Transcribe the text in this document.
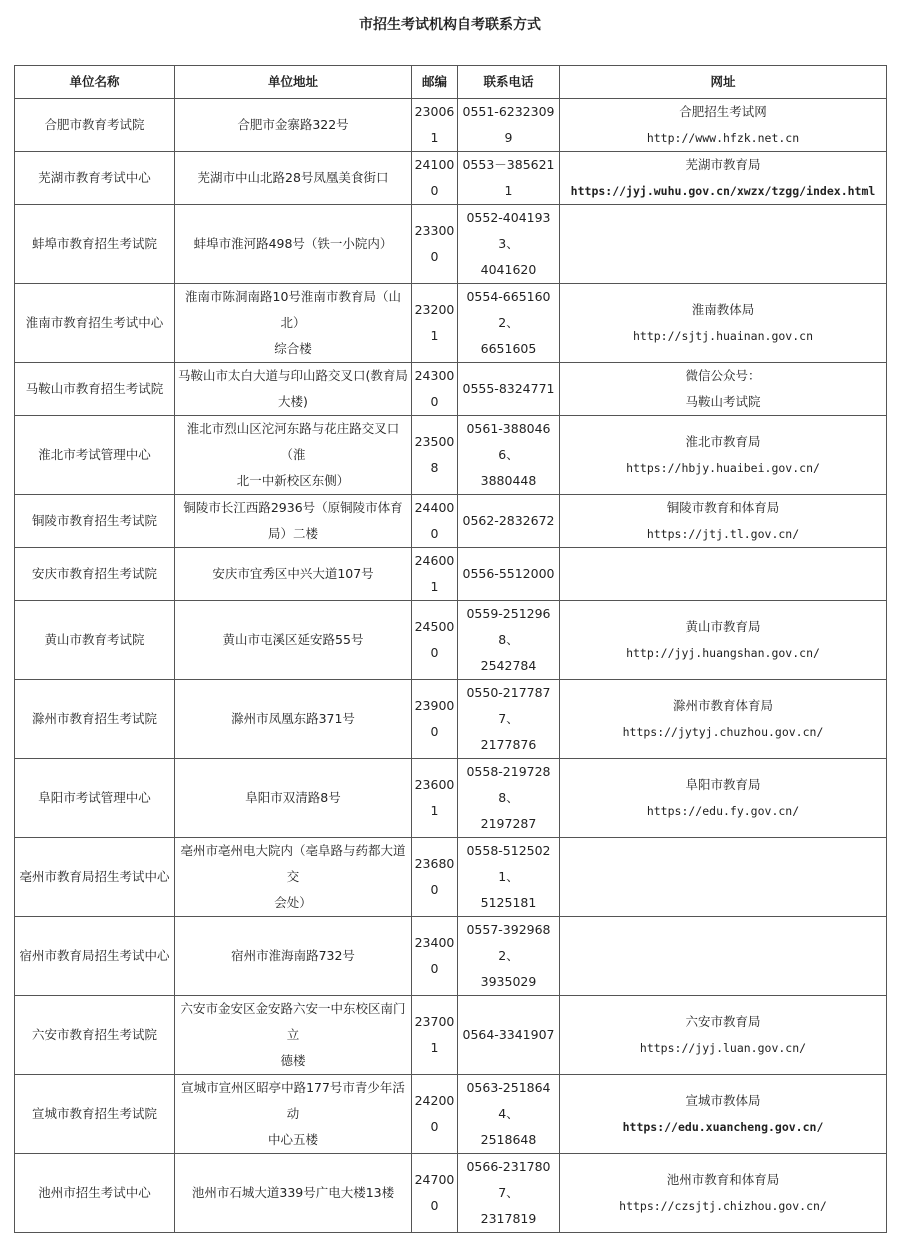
市招生考试机构自考联系方式
单位名称	单位地址	邮编	联系电话	网址

合肥市教育考试院	合肥市金寨路322号	230061	0551-62323099	合肥招生考试网
http://www.hfzk.net.cn

芜湖市教育考试中心	芜湖市中山北路28号凤凰美食街口	241000	0553－3856211	芜湖市教育局
https://jyj.wuhu.gov.cn/xwzx/tzgg/index.html

蚌埠市教育招生考试院	蚌埠市淮河路498号（铁一小院内）	233000	0552-4041933、
4041620	

淮南市教育招生考试中心	淮南市陈洞南路10号淮南市教育局（山北）
综合楼	232001	0554-6651602、
6651605	淮南教体局
http://sjtj.huainan.gov.cn

马鞍山市教育招生考试院	马鞍山市太白大道与印山路交叉口(教育局
大楼)	243000	0555-8324771	微信公众号：
马鞍山考试院

淮北市考试管理中心	淮北市烈山区沱河东路与花庄路交叉口（淮
北一中新校区东侧）	235008	0561-3880466、
3880448	淮北市教育局
https://hbjy.huaibei.gov.cn/

铜陵市教育招生考试院	铜陵市长江西路2936号（原铜陵市体育
局）二楼	244000	0562-2832672	铜陵市教育和体育局
https://jtj.tl.gov.cn/

安庆市教育招生考试院	安庆市宜秀区中兴大道107号	246001	0556-5512000	

黄山市教育考试院	黄山市屯溪区延安路55号	245000	0559-2512968、
2542784	黄山市教育局
http://jyj.huangshan.gov.cn/

滁州市教育招生考试院	滁州市凤凰东路371号	239000	0550-2177877、
2177876	滁州市教育体育局
https://jytyj.chuzhou.gov.cn/

阜阳市考试管理中心	阜阳市双清路8号	236001	0558-2197288、
2197287	阜阳市教育局
https://edu.fy.gov.cn/

亳州市教育局招生考试中心	亳州市亳州电大院内（亳阜路与药都大道交
会处）	236800	0558-5125021、
5125181	

宿州市教育局招生考试中心	宿州市淮海南路732号	234000	0557-3929682、
3935029	

六安市教育招生考试院	六安市金安区金安路六安一中东校区南门立
德楼	237001	0564-3341907	六安市教育局
https://jyj.luan.gov.cn/

宣城市教育招生考试院	宣城市宣州区昭亭中路177号市青少年活动
中心五楼	242000	0563-2518644、
2518648	宣城市教体局
https://edu.xuancheng.gov.cn/

池州市招生考试中心	池州市石城大道339号广电大楼13楼	247000	0566-2317807、
2317819	池州市教育和体育局
https://czsjtj.chizhou.gov.cn/
